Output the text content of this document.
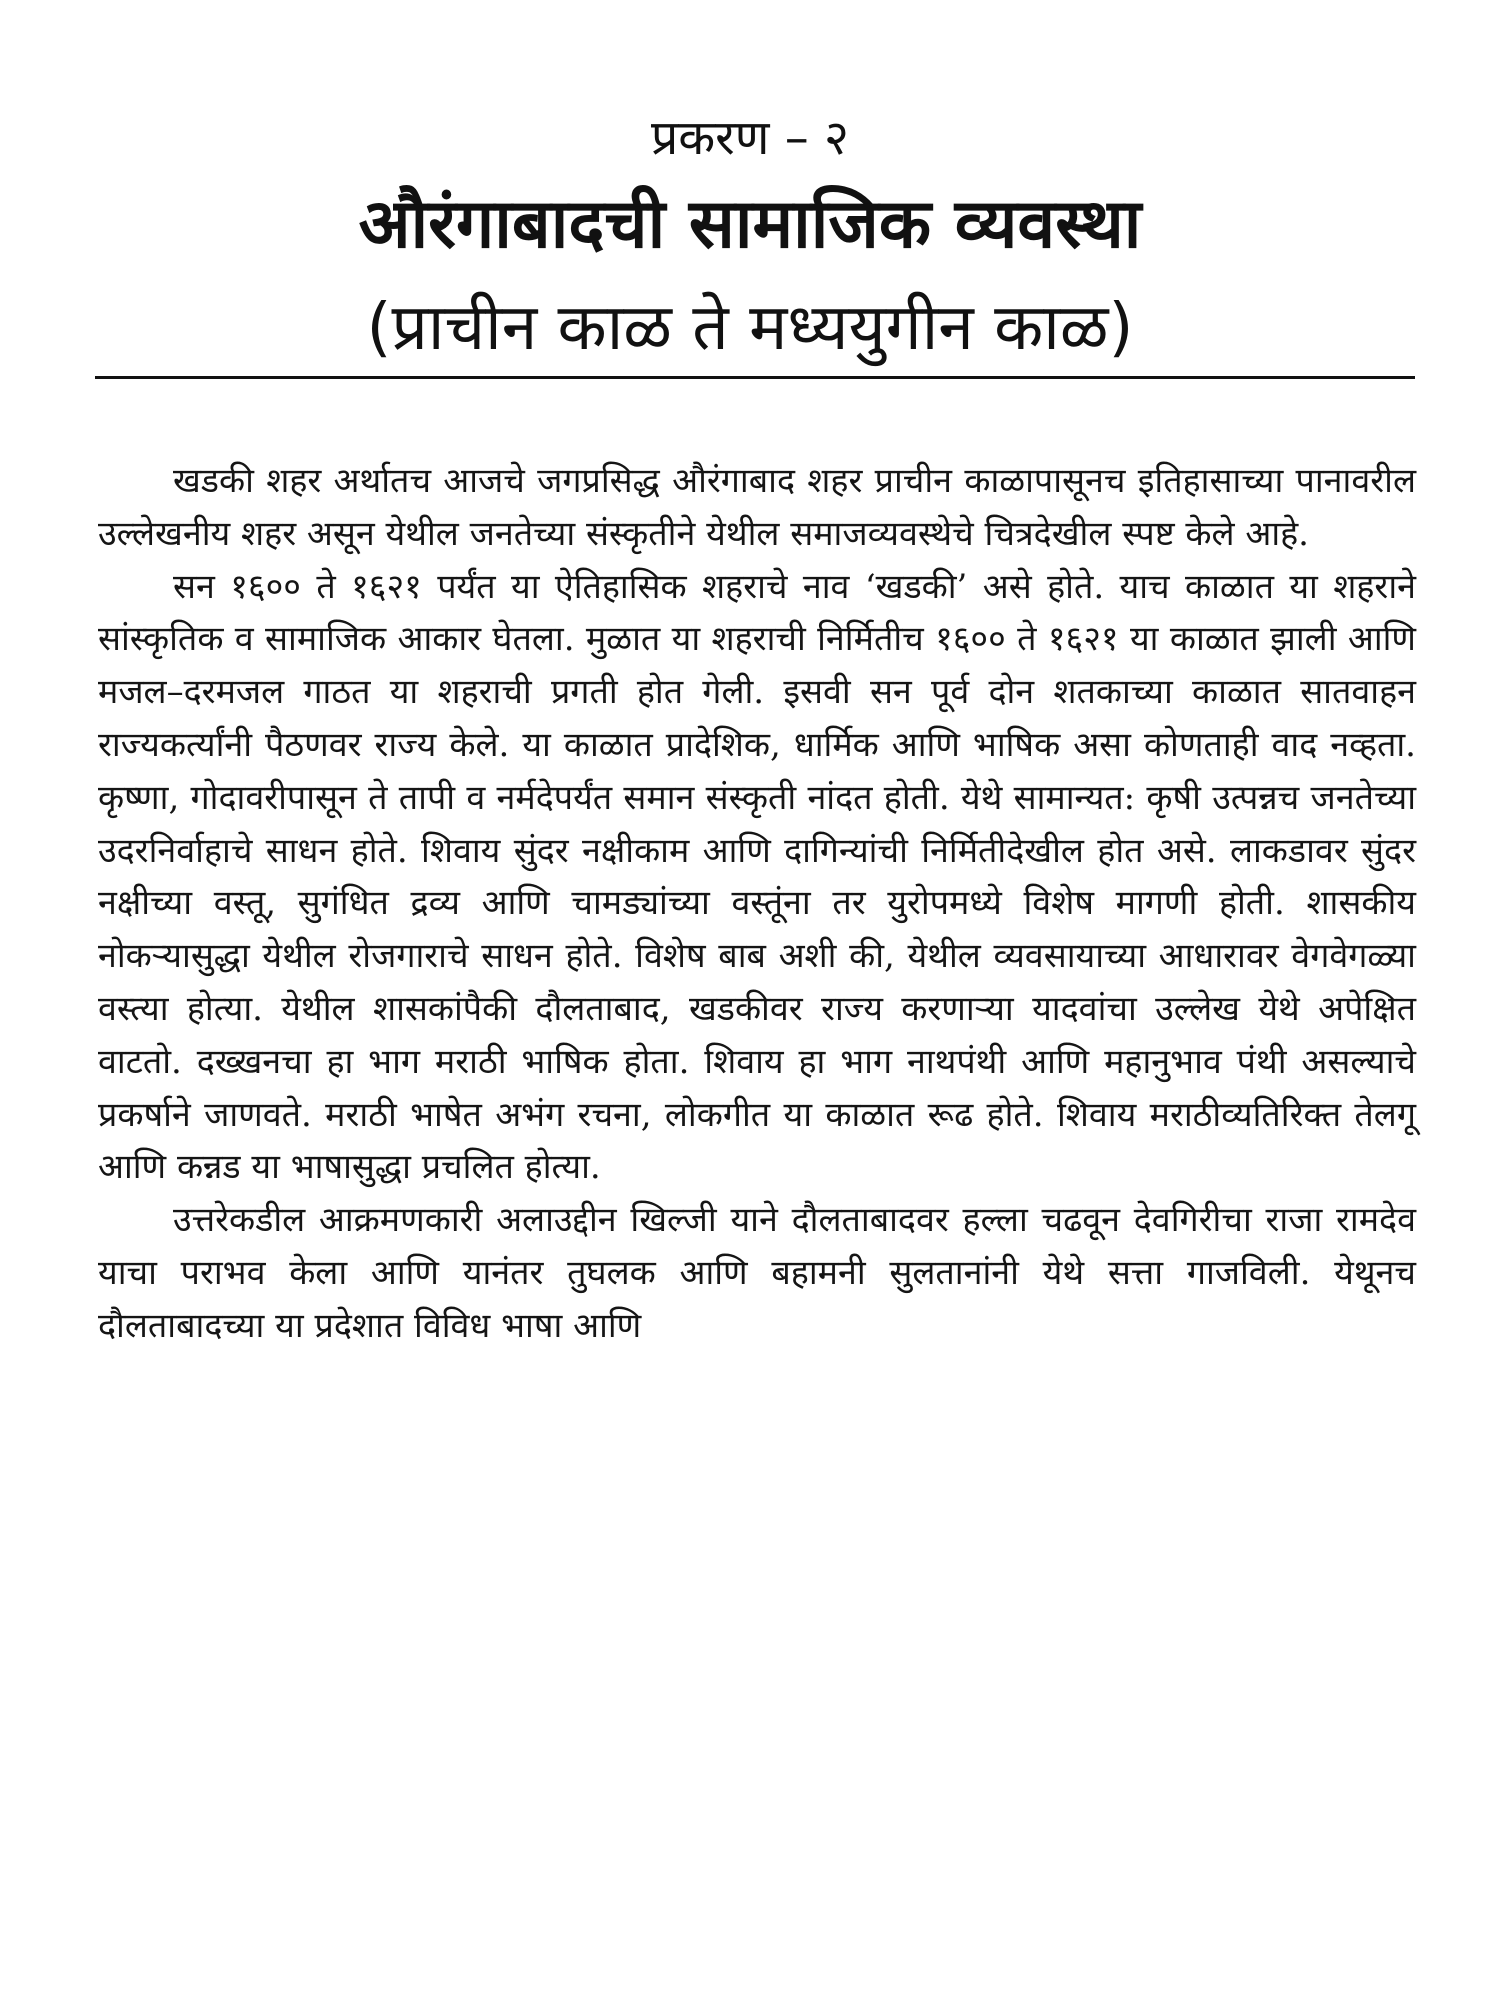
प्रकरण – २
औरंगाबादची सामाजिक व्यवस्था
(प्राचीन काळ ते मध्ययुगीन काळ)

खडकी शहर अर्थातच आजचे जगप्रसिद्ध औरंगाबाद शहर प्राचीन काळापासूनच इतिहासाच्या पानावरील उल्लेखनीय शहर असून येथील जनतेच्या संस्कृतीने येथील समाजव्यवस्थेचे चित्रदेखील स्पष्ट केले आहे.

सन १६०० ते १६२१ पर्यंत या ऐतिहासिक शहराचे नाव ‘खडकी’ असे होते. याच काळात या शहराने सांस्कृतिक व सामाजिक आकार घेतला. मुळात या शहराची निर्मितीच १६०० ते १६२१ या काळात झाली आणि मजल–दरमजल गाठत या शहराची प्रगती होत गेली. इसवी सन पूर्व दोन शतकाच्या काळात सातवाहन राज्यकर्त्यांनी पैठणवर राज्य केले. या काळात प्रादेशिक, धार्मिक आणि भाषिक असा कोणताही वाद नव्हता. कृष्णा, गोदावरीपासून ते तापी व नर्मदेपर्यंत समान संस्कृती नांदत होती. येथे सामान्यत: कृषी उत्पन्नच जनतेच्या उदरनिर्वाहाचे साधन होते. शिवाय सुंदर नक्षीकाम आणि दागिन्यांची निर्मितीदेखील होत असे. लाकडावर सुंदर नक्षीच्या वस्तू, सुगंधित द्रव्य आणि चामड्यांच्या वस्तूंना तर युरोपमध्ये विशेष मागणी होती. शासकीय नोकऱ्यासुद्धा येथील रोजगाराचे साधन होते. विशेष बाब अशी की, येथील व्यवसायाच्या आधारावर वेगवेगळ्या वस्त्या होत्या. येथील शासकांपैकी दौलताबाद, खडकीवर राज्य करणाऱ्या यादवांचा उल्लेख येथे अपेक्षित वाटतो. दख्खनचा हा भाग मराठी भाषिक होता. शिवाय हा भाग नाथपंथी आणि महानुभाव पंथी असल्याचे प्रकर्षाने जाणवते. मराठी भाषेत अभंग रचना, लोकगीत या काळात रूढ होते. शिवाय मराठीव्यतिरिक्त तेलगू आणि कन्नड या भाषासुद्धा प्रचलित होत्या.

उत्तरेकडील आक्रमणकारी अलाउद्दीन खिल्जी याने दौलताबादवर हल्ला चढवून देवगिरीचा राजा रामदेव याचा पराभव केला आणि यानंतर तुघलक आणि बहामनी सुलतानांनी येथे सत्ता गाजविली. येथूनच दौलताबादच्या या प्रदेशात विविध भाषा आणि
